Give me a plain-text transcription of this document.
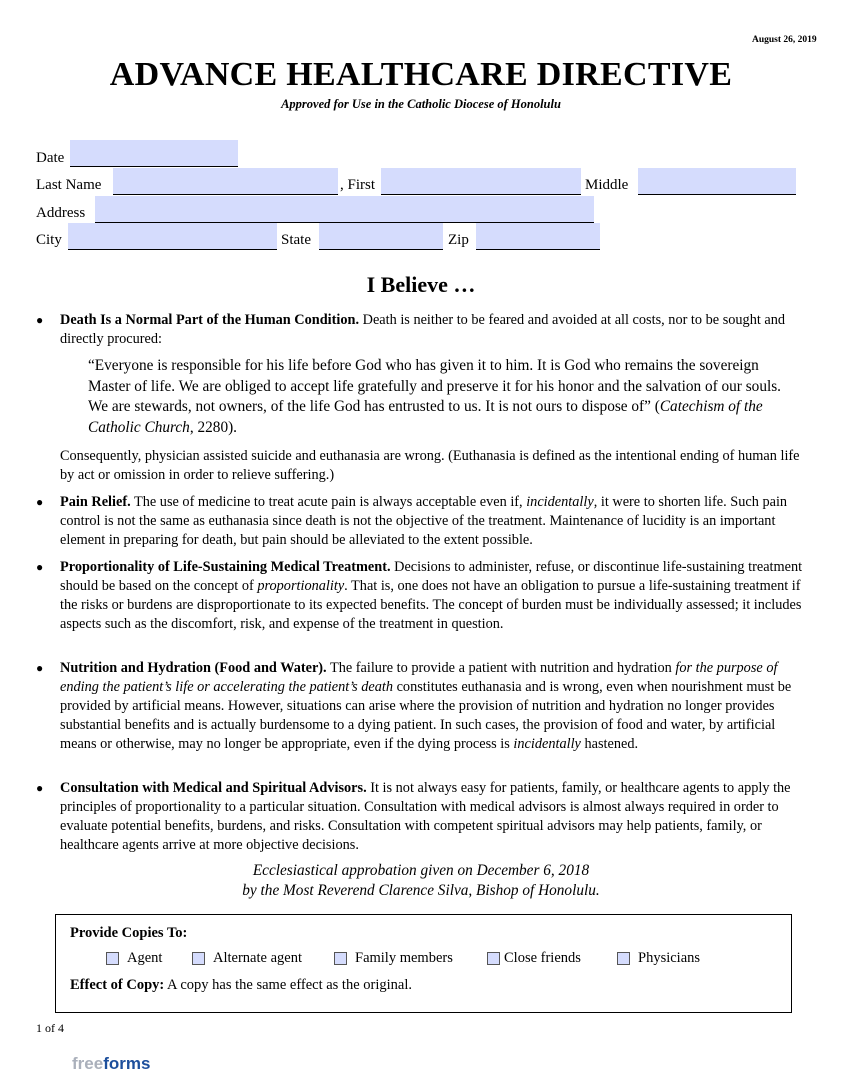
August 26, 2019
ADVANCE HEALTHCARE DIRECTIVE
Approved for Use in the Catholic Diocese of Honolulu
Date
Last Name	, First	Middle
Address
City	State	Zip
I Believe …
● Death Is a Normal Part of the Human Condition. Death is neither to be feared and avoided at all costs, nor to be sought and directly procured:
“Everyone is responsible for his life before God who has given it to him. It is God who remains the sovereign Master of life. We are obliged to accept life gratefully and preserve it for his honor and the salvation of our souls. We are stewards, not owners, of the life God has entrusted to us. It is not ours to dispose of” (Catechism of the Catholic Church, 2280).
Consequently, physician assisted suicide and euthanasia are wrong. (Euthanasia is defined as the intentional ending of human life by act or omission in order to relieve suffering.)
● Pain Relief. The use of medicine to treat acute pain is always acceptable even if, incidentally, it were to shorten life. Such pain control is not the same as euthanasia since death is not the objective of the treatment. Maintenance of lucidity is an important element in preparing for death, but pain should be alleviated to the extent possible.
● Proportionality of Life-Sustaining Medical Treatment. Decisions to administer, refuse, or discontinue life-sustaining treatment should be based on the concept of proportionality. That is, one does not have an obligation to pursue a life-sustaining treatment if the risks or burdens are disproportionate to its expected benefits. The concept of burden must be individually assessed; it includes aspects such as the discomfort, risk, and expense of the treatment in question.
● Nutrition and Hydration (Food and Water). The failure to provide a patient with nutrition and hydration for the purpose of ending the patient’s life or accelerating the patient’s death constitutes euthanasia and is wrong, even when nourishment must be provided by artificial means. However, situations can arise where the provision of nutrition and hydration no longer provides substantial benefits and is actually burdensome to a dying patient. In such cases, the provision of food and water, by artificial means or otherwise, may no longer be appropriate, even if the dying process is incidentally hastened.
● Consultation with Medical and Spiritual Advisors. It is not always easy for patients, family, or healthcare agents to apply the principles of proportionality to a particular situation. Consultation with medical advisors is almost always required in order to evaluate potential benefits, burdens, and risks. Consultation with competent spiritual advisors may help patients, family, or healthcare agents arrive at more objective decisions.
Ecclesiastical approbation given on December 6, 2018
by the Most Reverend Clarence Silva, Bishop of Honolulu.
Provide Copies To:
Agent	Alternate agent	Family members	Close friends	Physicians
Effect of Copy: A copy has the same effect as the original.
1 of 4
freeforms
